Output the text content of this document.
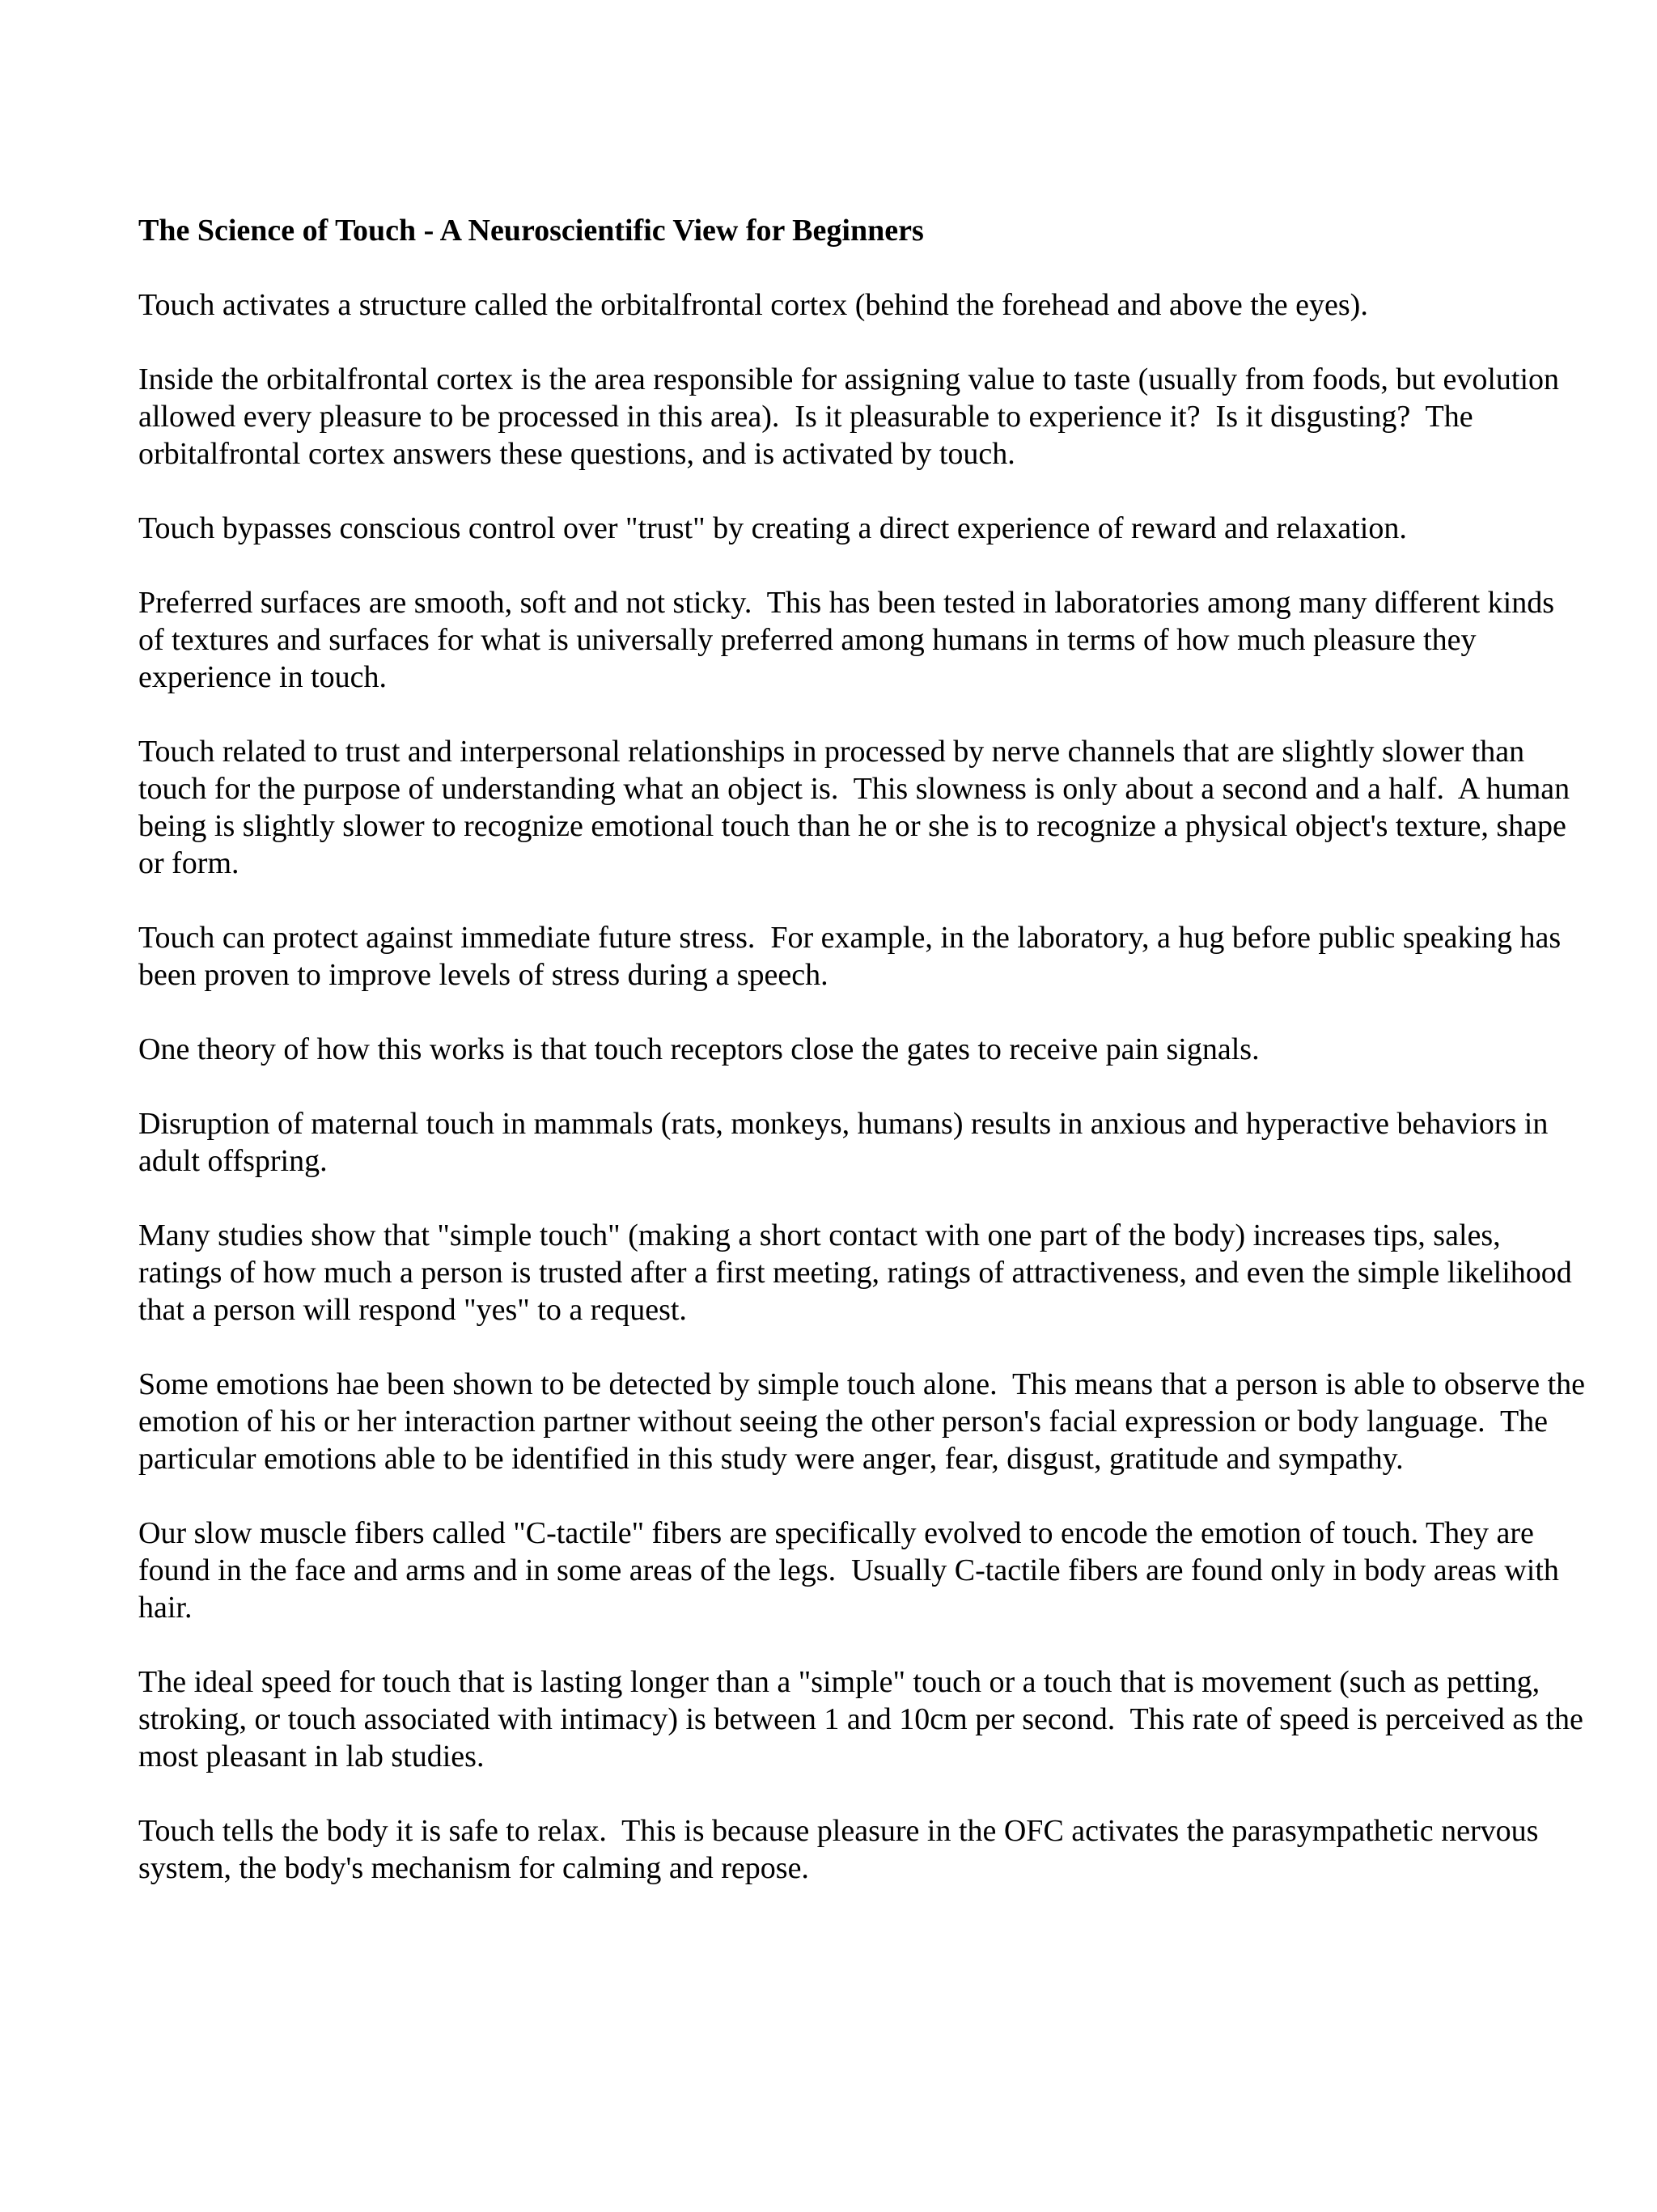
The Science of Touch - A Neuroscientific View for Beginners

Touch activates a structure called the orbitalfrontal cortex (behind the forehead and above the eyes).

Inside the orbitalfrontal cortex is the area responsible for assigning value to taste (usually from foods, but evolution allowed every pleasure to be processed in this area).  Is it pleasurable to experience it?  Is it disgusting?  The orbitalfrontal cortex answers these questions, and is activated by touch.

Touch bypasses conscious control over "trust" by creating a direct experience of reward and relaxation.

Preferred surfaces are smooth, soft and not sticky.  This has been tested in laboratories among many different kinds of textures and surfaces for what is universally preferred among humans in terms of how much pleasure they experience in touch.

Touch related to trust and interpersonal relationships in processed by nerve channels that are slightly slower than touch for the purpose of understanding what an object is.  This slowness is only about a second and a half.  A human being is slightly slower to recognize emotional touch than he or she is to recognize a physical object's texture, shape or form.

Touch can protect against immediate future stress.  For example, in the laboratory, a hug before public speaking has been proven to improve levels of stress during a speech.

One theory of how this works is that touch receptors close the gates to receive pain signals.

Disruption of maternal touch in mammals (rats, monkeys, humans) results in anxious and hyperactive behaviors in adult offspring.

Many studies show that "simple touch" (making a short contact with one part of the body) increases tips, sales, ratings of how much a person is trusted after a first meeting, ratings of attractiveness, and even the simple likelihood that a person will respond "yes" to a request.

Some emotions hae been shown to be detected by simple touch alone.  This means that a person is able to observe the emotion of his or her interaction partner without seeing the other person's facial expression or body language.  The particular emotions able to be identified in this study were anger, fear, disgust, gratitude and sympathy.

Our slow muscle fibers called "C-tactile" fibers are specifically evolved to encode the emotion of touch. They are found in the face and arms and in some areas of the legs.  Usually C-tactile fibers are found only in body areas with hair.

The ideal speed for touch that is lasting longer than a "simple" touch or a touch that is movement (such as petting, stroking, or touch associated with intimacy) is between 1 and 10cm per second.  This rate of speed is perceived as the most pleasant in lab studies.

Touch tells the body it is safe to relax.  This is because pleasure in the OFC activates the parasympathetic nervous system, the body's mechanism for calming and repose.
